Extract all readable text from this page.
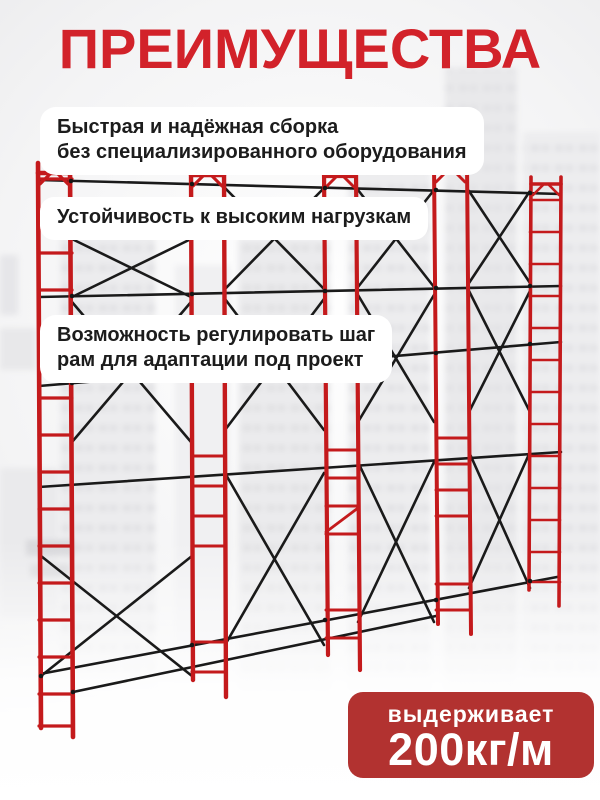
ПРЕИМУЩЕСТВА
Быстрая и надёжная сборка
без специализированного оборудования
Устойчивость к высоким нагрузкам
Возможность регулировать шаг
рам для адаптации под проект
выдерживает
200кг/м
